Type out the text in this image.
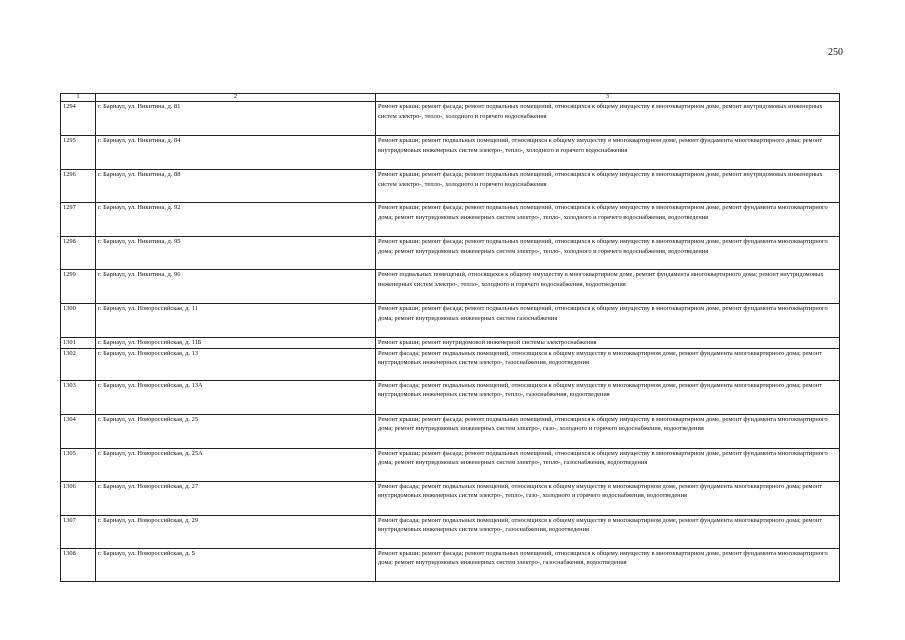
250
1	2	3
1294	г. Барнаул, ул. Никитина, д. 81	Ремонт крыши; ремонт фасада; ремонт подвальных помещений, относящихся к общему имуществу в многоквартирном доме, ремонт внутридомовых инженерных систем электро-, тепло-, холодного и горячего водоснабжения
1295	г. Барнаул, ул. Никитина, д. 84	Ремонт крыши; ремонт подвальных помещений, относящихся к общему имуществу в многоквартирном доме, ремонт фундамента многоквартирного дома; ремонт внутридомовых инженерных систем электро-, тепло-, холодного и горячего водоснабжения
1296	г. Барнаул, ул. Никитина, д. 88	Ремонт крыши; ремонт фасада; ремонт подвальных помещений, относящихся к общему имуществу в многоквартирном доме, ремонт внутридомовых инженерных систем электро-, тепло-, холодного и горячего водоснабжения
1297	г. Барнаул, ул. Никитина, д. 92	Ремонт крыши; ремонт фасада; ремонт подвальных помещений, относящихся к общему имуществу в многоквартирном доме, ремонт фундамента многоквартирного дома; ремонт внутридомовых инженерных систем электро-, тепло-, холодного и горячего водоснабжения, водоотведения
1298	г. Барнаул, ул. Никитина, д. 95	Ремонт крыши; ремонт фасада; ремонт подвальных помещений, относящихся к общему имуществу в многоквартирном доме, ремонт фундамента многоквартирного дома; ремонт внутридомовых инженерных систем электро-, тепло-, холодного и горячего водоснабжения, водоотведения
1299	г. Барнаул, ул. Никитина, д. 96	Ремонт подвальных помещений, относящихся к общему имуществу в многоквартирном доме, ремонт фундамента многоквартирного дома; ремонт внутридомовых инженерных систем электро-, тепло-, холодного и горячего водоснабжения, водоотведения
1300	г. Барнаул, ул. Новороссийская, д. 11	Ремонт крыши; ремонт фасада; ремонт подвальных помещений, относящихся к общему имуществу в многоквартирном доме, ремонт фундамента многоквартирного дома; ремонт внутридомовых инженерных систем газоснабжения
1301	г. Барнаул, ул. Новороссийская, д. 11Б	Ремонт крыши; ремонт внутридомовой инженерной системы электроснабжения
1302	г. Барнаул, ул. Новороссийская, д. 13	Ремонт фасада; ремонт подвальных помещений, относящихся к общему имуществу в многоквартирном доме, ремонт фундамента многоквартирного дома; ремонт внутридомовых инженерных систем электро-, газоснабжения, водоотведения
1303	г. Барнаул, ул. Новороссийская, д. 13А	Ремонт фасада; ремонт подвальных помещений, относящихся к общему имуществу в многоквартирном доме, ремонт фундамента многоквартирного дома; ремонт внутридомовых инженерных систем электро-, тепло-, газоснабжения, водоотведения
1304	г. Барнаул, ул. Новороссийская, д. 25	Ремонт крыши; ремонт фасада; ремонт подвальных помещений, относящихся к общему имуществу в многоквартирном доме, ремонт фундамента многоквартирного дома; ремонт внутридомовых инженерных систем электро-, газо-, холодного и горячего водоснабжения, водоотведения
1305	г. Барнаул, ул. Новороссийская, д. 25А	Ремонт крыши; ремонт фасада; ремонт подвальных помещений, относящихся к общему имуществу в многоквартирном доме, ремонт фундамента многоквартирного дома; ремонт внутридомовых инженерных систем электро-, тепло-, газоснабжения, водоотведения
1306	г. Барнаул, ул. Новороссийская, д. 27	Ремонт фасада; ремонт подвальных помещений, относящихся к общему имуществу в многоквартирном доме, ремонт фундамента многоквартирного дома; ремонт внутридомовых инженерных систем электро-, тепло-, газо-, холодного и горячего водоснабжения, водоотведения
1307	г. Барнаул, ул. Новороссийская, д. 29	Ремонт фасада; ремонт подвальных помещений, относящихся к общему имуществу в многоквартирном доме, ремонт фундамента многоквартирного дома; ремонт внутридомовых инженерных систем электро-, газоснабжения, водоотведения
1308	г. Барнаул, ул. Новороссийская, д. 5	Ремонт крыши; ремонт фасада; ремонт подвальных помещений, относящихся к общему имуществу в многоквартирном доме, ремонт фундамента многоквартирного дома; ремонт внутридомовых инженерных систем электро-, газоснабжения, водоотведения
